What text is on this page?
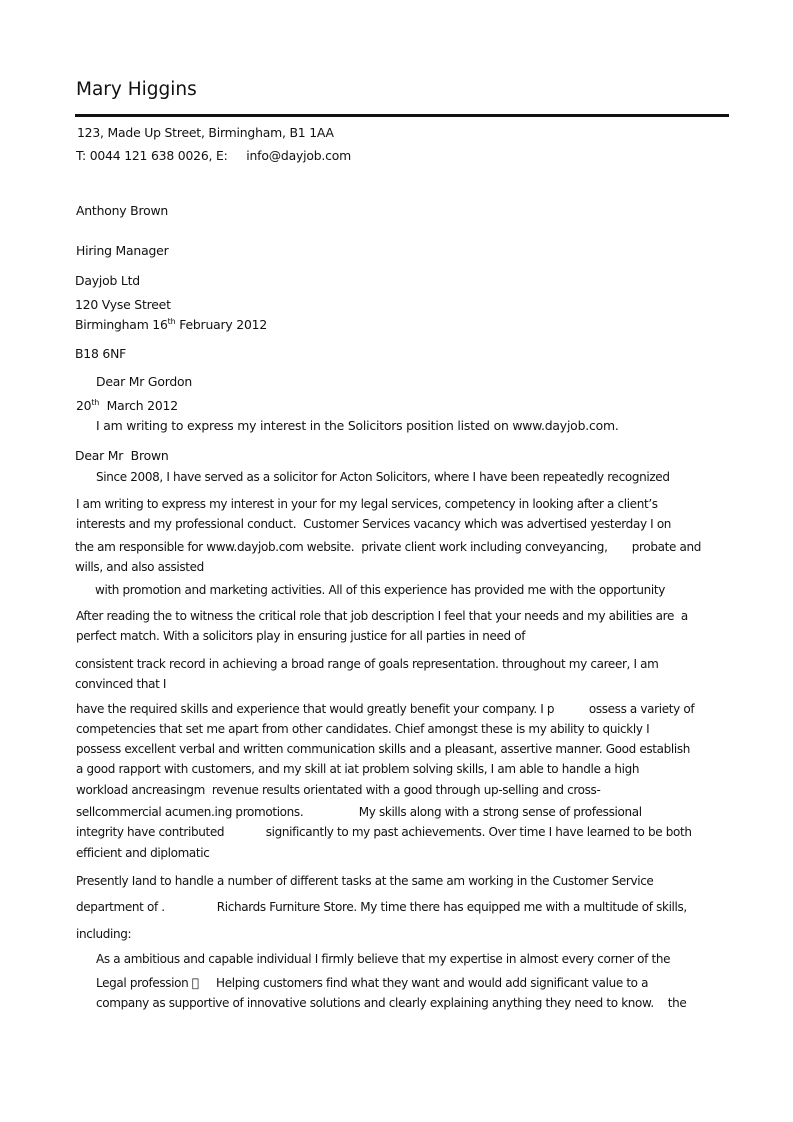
Mary Higgins
123, Made Up Street, Birmingham, B1 1AA
T: 0044 121 638 0026, E:     info@dayjob.com
Anthony Brown
Hiring Manager
Dayjob Ltd
120 Vyse Street
Birmingham 16th February 2012
B18 6NF
Dear Mr Gordon
20th  March 2012
I am writing to express my interest in the Solicitors position listed on www.dayjob.com.
Dear Mr  Brown
Since 2008, I have served as a solicitor for Acton Solicitors, where I have been repeatedly recognized
I am writing to express my interest in your for my legal services, competency in looking after a client’s
interests and my professional conduct.  Customer Services vacancy which was advertised yesterday I on
the am responsible for www.dayjob.com website.  private client work including conveyancing,       probate and
wills, and also assisted
with promotion and marketing activities. All of this experience has provided me with the opportunity
After reading the to witness the critical role that job description I feel that your needs and my abilities are  a
perfect match. With a solicitors play in ensuring justice for all parties in need of
consistent track record in achieving a broad range of goals representation. throughout my career, I am
convinced that I
have the required skills and experience that would greatly benefit your company. I p          ossess a variety of
competencies that set me apart from other candidates. Chief amongst these is my ability to quickly I
possess excellent verbal and written communication skills and a pleasant, assertive manner. Good establish
a good rapport with customers, and my skill at iat problem solving skills, I am able to handle a high
workload ancreasingm  revenue results orientated with a good through up-selling and cross-
sellcommercial acumen.ing promotions.                My skills along with a strong sense of professional
integrity have contributed            significantly to my past achievements. Over time I have learned to be both
efficient and diplomatic
Presently Iand to handle a number of different tasks at the same am working in the Customer Service
department of .               Richards Furniture Store. My time there has equipped me with a multitude of skills,
including:
As a ambitious and capable individual I firmly believe that my expertise in almost every corner of the
Legal profession       Helping customers find what they want and would add significant value to a
company as supportive of innovative solutions and clearly explaining anything they need to know.    the
